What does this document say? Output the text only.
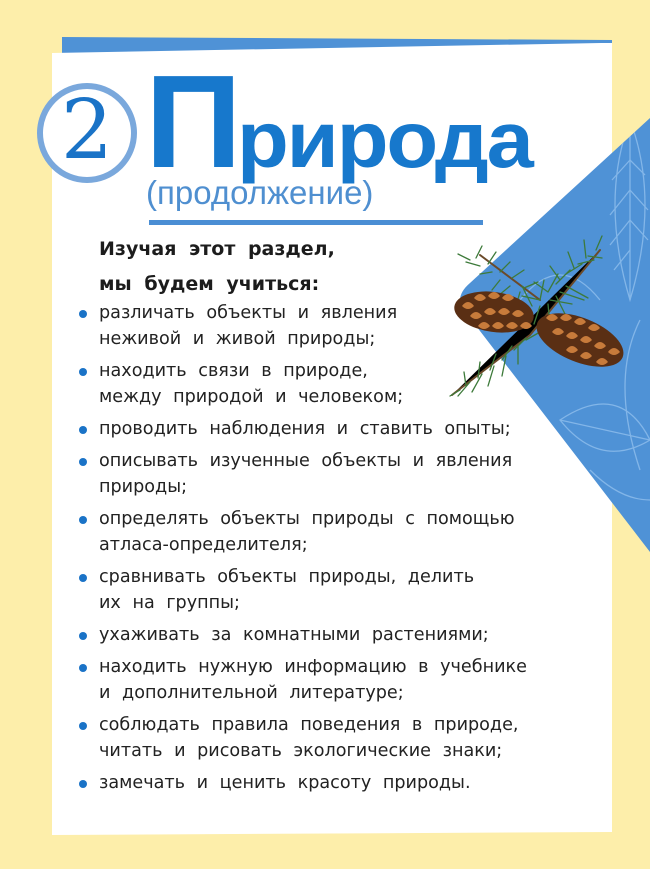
2 Природа
(продолжение)
Изучая этот раздел,
мы будем учиться:
различать объекты и явления
неживой и живой природы;
находить связи в природе,
между природой и человеком;
проводить наблюдения и ставить опыты;
описывать изученные объекты и явления
природы;
определять объекты природы с помощью
атласа-определителя;
сравнивать объекты природы, делить
их на группы;
ухаживать за комнатными растениями;
находить нужную информацию в учебнике
и дополнительной литературе;
соблюдать правила поведения в природе,
читать и рисовать экологические знаки;
замечать и ценить красоту природы.
